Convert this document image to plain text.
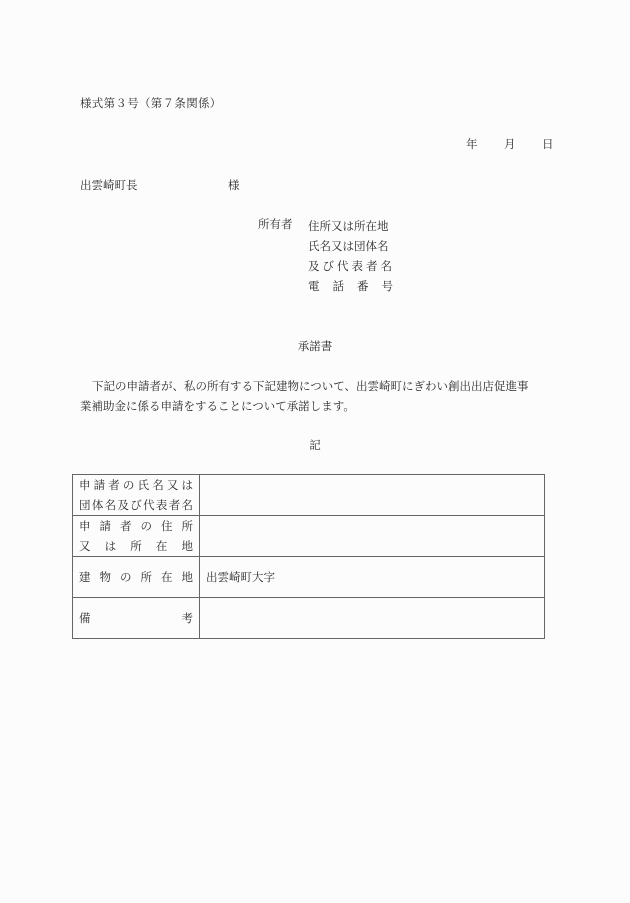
様式第３号（第７条関係）
年 月 日
出雲崎町長	様
所有者 住所又は所在地
氏名又は団体名
及び代表者名
電話番号
承諾書

下記の申請者が、私の所有する下記建物について、出雲崎町にぎわい創出出店促進事

業補助金に係る申請をすることについて承諾します。

記
申 請 者 の 氏 名 又 は
団 体 名 及 び 代 表 者 名

申 請 者 の 住 所
又 は 所 在 地

建 物 の 所 在 地	出雲崎町大字

備 考	
